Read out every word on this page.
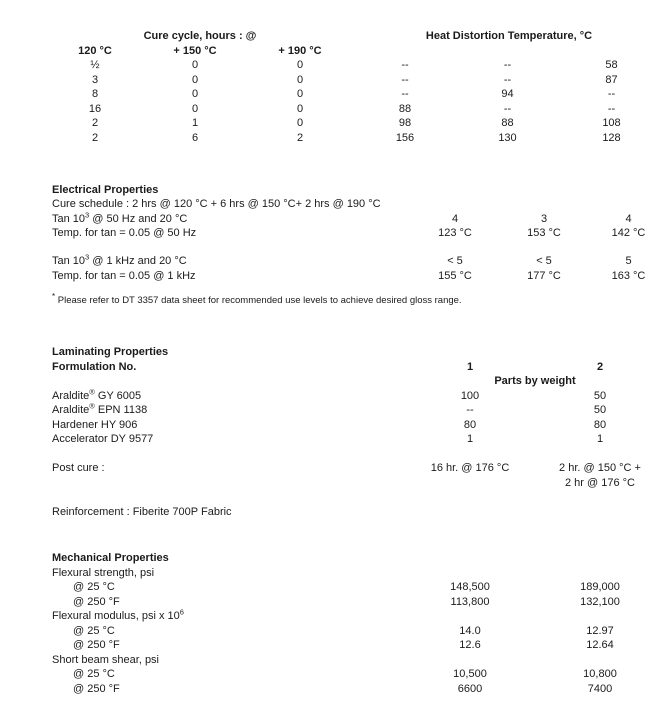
Cure cycle, hours : @	Heat Distortion Temperature, °C
120 °C	+ 150 °C	+ 190 °C
½	0	0	--	--	58
3	0	0	--	--	87
8	0	0	--	94	--
16	0	0	88	--	--
2	1	0	98	88	108
2	6	2	156	130	128
Electrical Properties
Cure schedule : 2 hrs @ 120 °C + 6 hrs @ 150 °C+ 2 hrs @ 190 °C
Tan $10^3$ @ 50 Hz and 20 °C	4	3	4
Temp. for tan = 0.05 @ 50 Hz	123 °C	153 °C	142 °C
Tan $10^3$ @ 1 kHz and 20 °C	< 5	< 5	5
Temp. for tan = 0.05 @ 1 kHz	155 °C	177 °C	163 °C
* Please refer to DT 3357 data sheet for recommended use levels to achieve desired gloss range.
Laminating Properties
Formulation No.	1	2
Parts by weight
Araldite® GY 6005	100	50
Araldite® EPN 1138	--	50
Hardener HY 906	80	80
Accelerator DY 9577	1	1
Post cure :	16 hr. @ 176 °C	2 hr. @ 150 °C +
2 hr @ 176 °C
Reinforcement : Fiberite 700P Fabric
Mechanical Properties
Flexural strength, psi
@ 25 °C	148,500	189,000
@ 250 °F	113,800	132,100
Flexural modulus, psi x $10^6$
@ 25 °C	14.0	12.97
@ 250 °F	12.6	12.64
Short beam shear, psi
@ 25 °C	10,500	10,800
@ 250 °F	6600	7400
